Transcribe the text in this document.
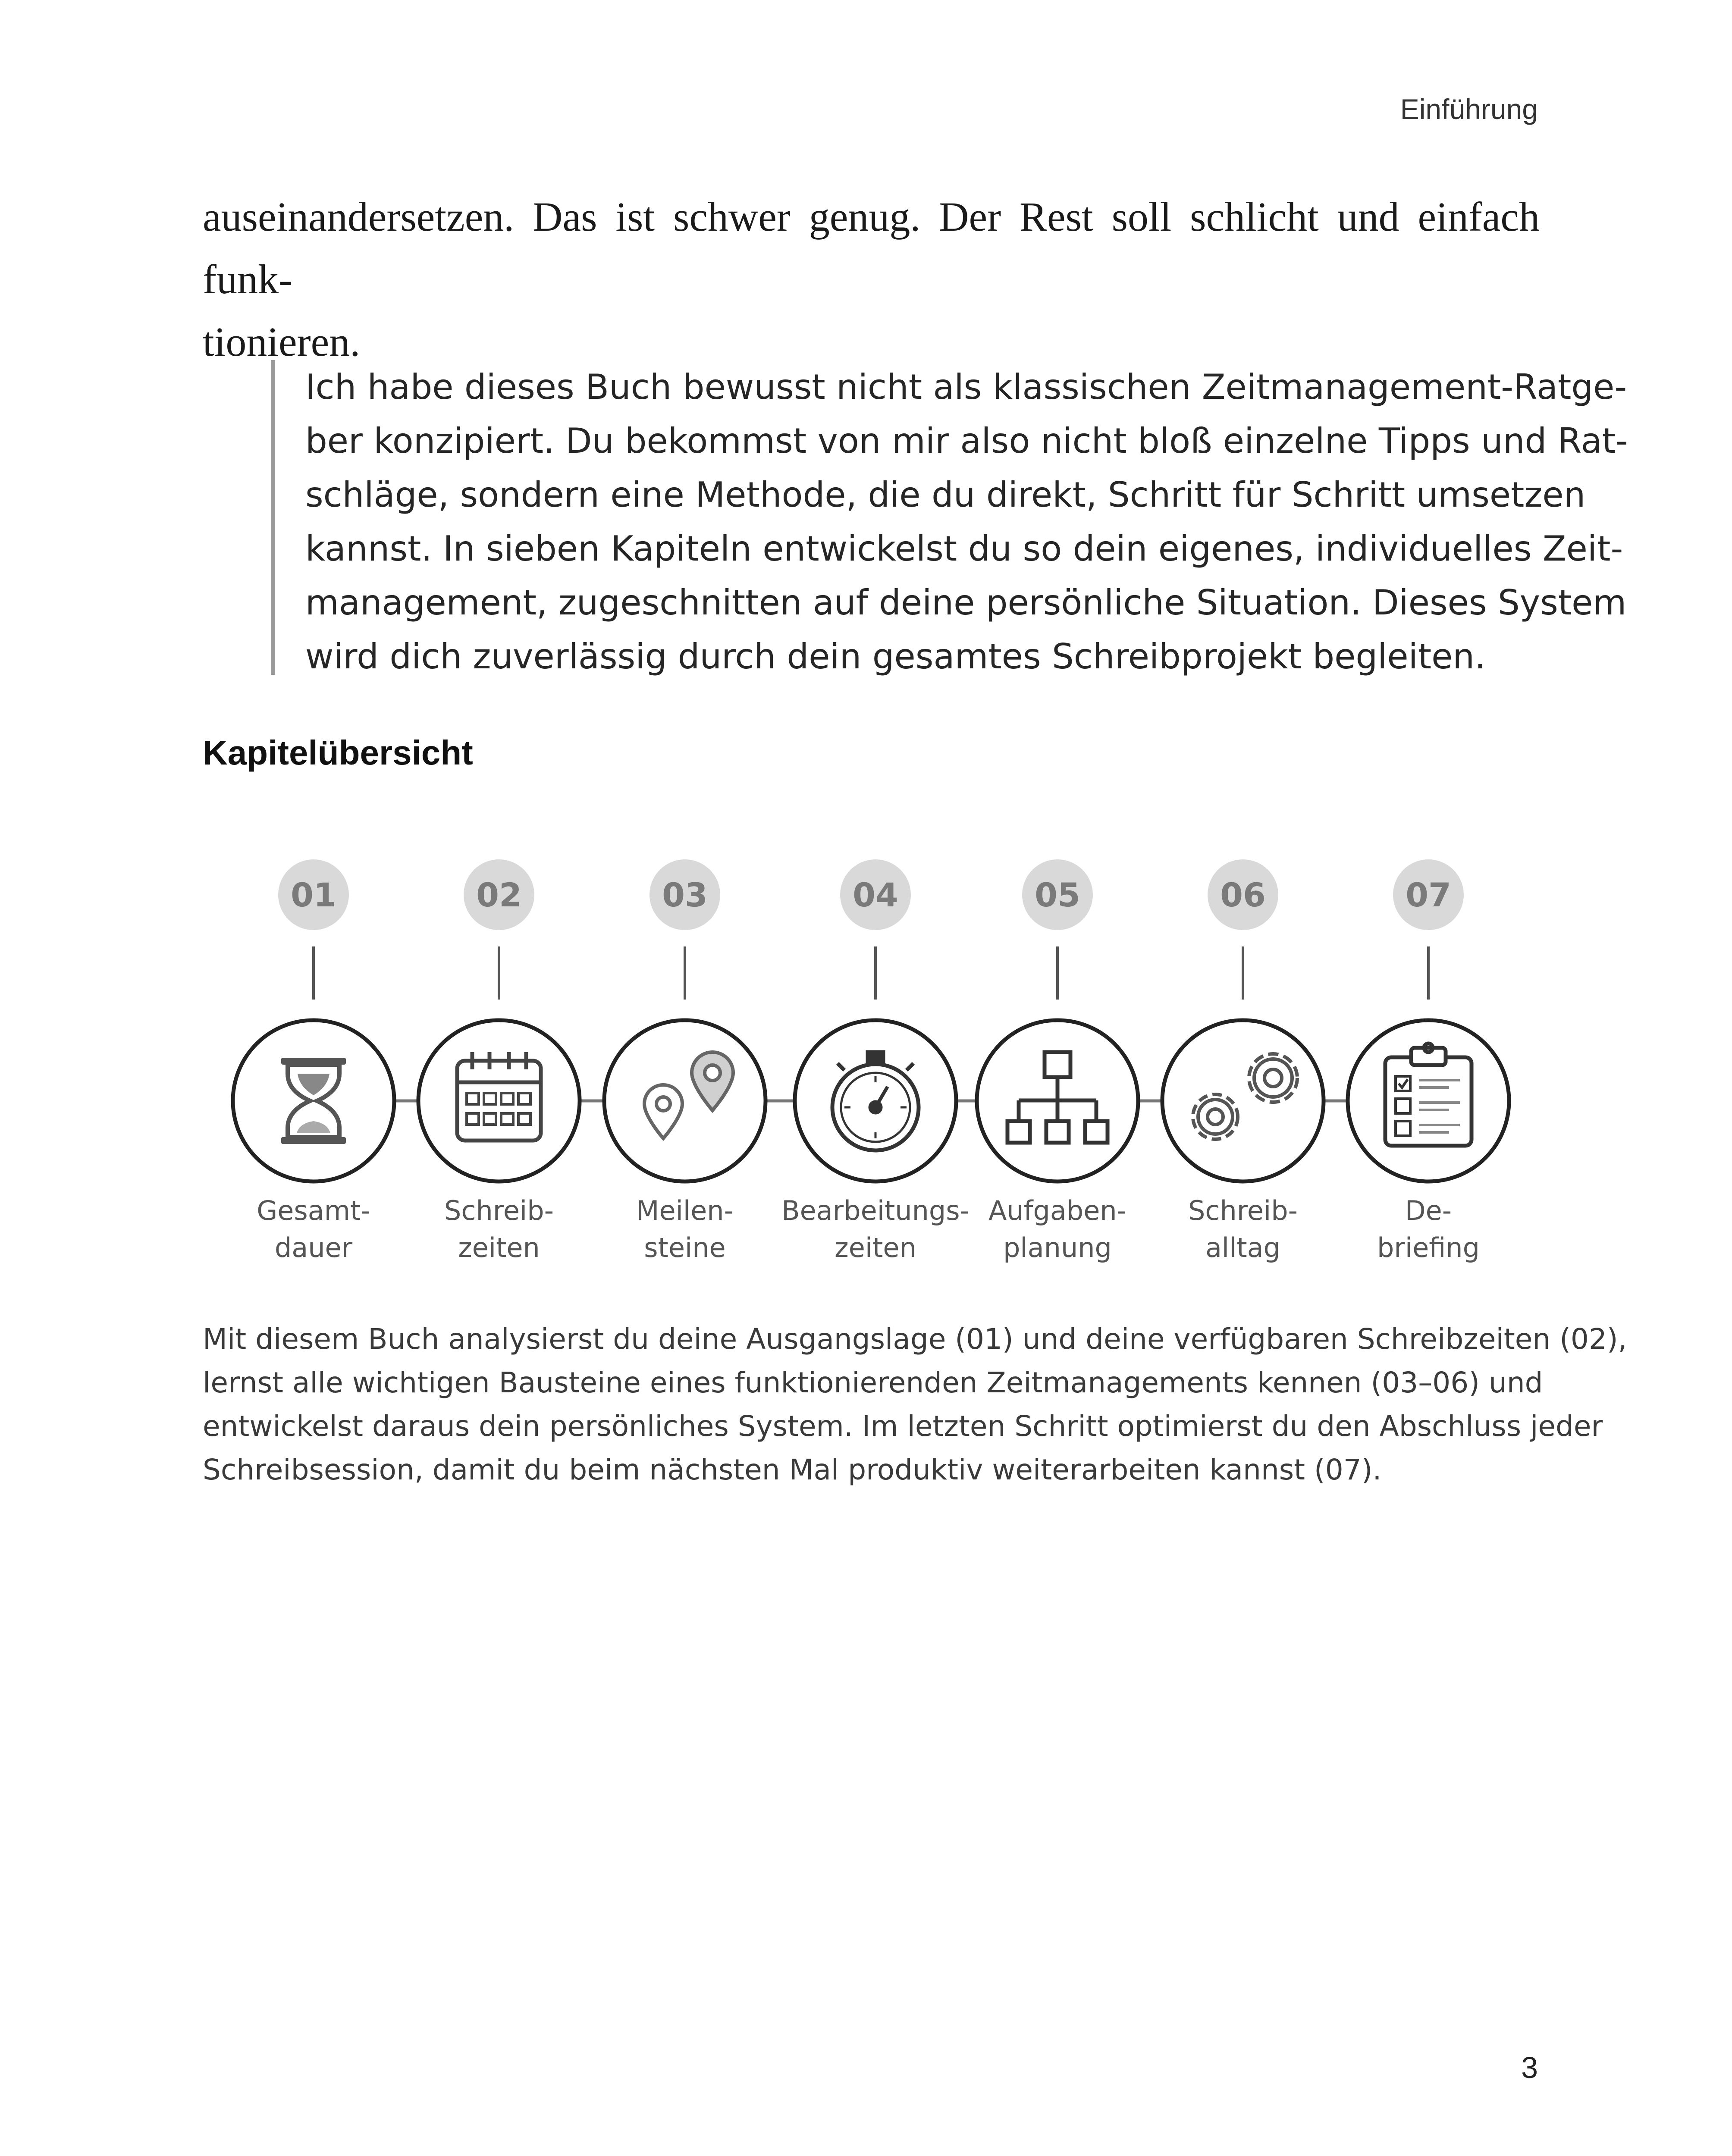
Einführung
auseinandersetzen. Das ist schwer genug. Der Rest soll schlicht und einfach funk-
tionieren.

Ich habe dieses Buch bewusst nicht als klassischen Zeitmanagement-Ratge-
ber konzipiert. Du bekommst von mir also nicht bloß einzelne Tipps und Rat-
schläge, sondern eine Methode, die du direkt, Schritt für Schritt umsetzen
kannst. In sieben Kapiteln entwickelst du so dein eigenes, individuelles Zeit-
management, zugeschnitten auf deine persönliche Situation. Dieses System
wird dich zuverlässig durch dein gesamtes Schreibprojekt begleiten.

Kapitelübersicht
01	02	03	04	05	06	07
Gesamt-
dauer
Schreib-
zeiten
Meilen-
steine
Bearbeitungs-
zeiten
Aufgaben-
planung
Schreib-
alltag
De-
briefing
Mit diesem Buch analysierst du deine Ausgangslage (01) und deine verfügbaren Schreibzeiten (02),
lernst alle wichtigen Bausteine eines funktionierenden Zeitmanagements kennen (03–06) und
entwickelst daraus dein persönliches System. Im letzten Schritt optimierst du den Abschluss jeder
Schreibsession, damit du beim nächsten Mal produktiv weiterarbeiten kannst (07).
3
